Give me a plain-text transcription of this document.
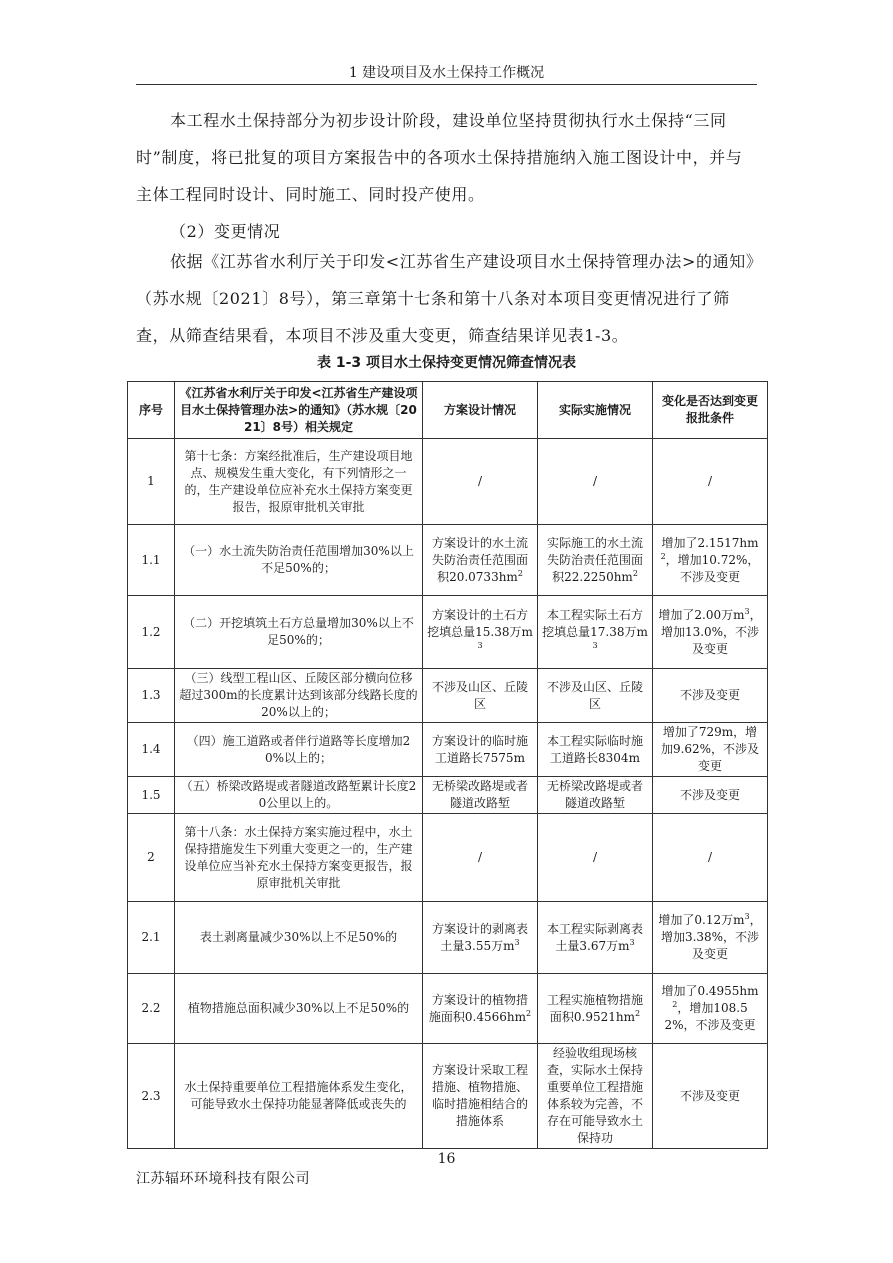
1 建设项目及水土保持工作概况

本工程水土保持部分为初步设计阶段，建设单位坚持贯彻执行水土保持“三同时”制度，将已批复的项目方案报告中的各项水土保持措施纳入施工图设计中，并与主体工程同时设计、同时施工、同时投产使用。

（2）变更情况

依据《江苏省水利厅关于印发<江苏省生产建设项目水土保持管理办法>的通知》（苏水规〔2021〕8号），第三章第十七条和第十八条对本项目变更情况进行了筛查，从筛查结果看，本项目不涉及重大变更，筛查结果详见表1-3。

表 1-3 项目水土保持变更情况筛查情况表
序号	《江苏省水利厅关于印发<江苏省生产建设项目水土保持管理办法>的通知》（苏水规〔2021〕8号）相关规定	方案设计情况	实际实施情况	变化是否达到变更报批条件
1	第十七条：方案经批准后，生产建设项目地点、规模发生重大变化，有下列情形之一的，生产建设单位应补充水土保持方案变更报告，报原审批机关审批	/	/	/
1.1	（一）水土流失防治责任范围增加30%以上不足50%的；	方案设计的水土流失防治责任范围面积$20.0733hm^2$	实际施工的水土流失防治责任范围面积$22.2250hm^2$	增加了$2.1517hm^2$，增加10.72%，不涉及变更
1.2	（二）开挖填筑土石方总量增加30%以上不足50%的；	方案设计的土石方挖填总量15.38万$m^3$	本工程实际土石方挖填总量17.38万$m^3$	增加了2.00万$m^3$，增加13.0%，不涉及变更
1.3	（三）线型工程山区、丘陵区部分横向位移超过300m的长度累计达到该部分线路长度的20%以上的；	不涉及山区、丘陵区	不涉及山区、丘陵区	不涉及变更
1.4	（四）施工道路或者伴行道路等长度增加20%以上的；	方案设计的临时施工道路长7575m	本工程实际临时施工道路长8304m	增加了729m，增加9.62%，不涉及变更
1.5	（五）桥梁改路堤或者隧道改路堑累计长度20公里以上的。	无桥梁改路堤或者隧道改路堑	无桥梁改路堤或者隧道改路堑	不涉及变更
2	第十八条：水土保持方案实施过程中，水土保持措施发生下列重大变更之一的，生产建设单位应当补充水土保持方案变更报告，报原审批机关审批	/	/	/
2.1	表土剥离量减少30%以上不足50%的	方案设计的剥离表土量3.55万$m^3$	本工程实际剥离表土量3.67万$m^3$	增加了0.12万$m^3$，增加3.38%，不涉及变更
2.2	植物措施总面积减少30%以上不足50%的	方案设计的植物措施面积$0.4566hm^2$	工程实施植物措施面积$0.9521hm^2$	增加了$0.4955hm^2$，增加108.52%，不涉及变更
2.3	水土保持重要单位工程措施体系发生变化，可能导致水土保持功能显著降低或丧失的	方案设计采取工程措施、植物措施、临时措施相结合的措施体系	经验收组现场核查，实际水土保持重要单位工程措施体系较为完善，不存在可能导致水土保持功	不涉及变更
16
江苏辐环环境科技有限公司
